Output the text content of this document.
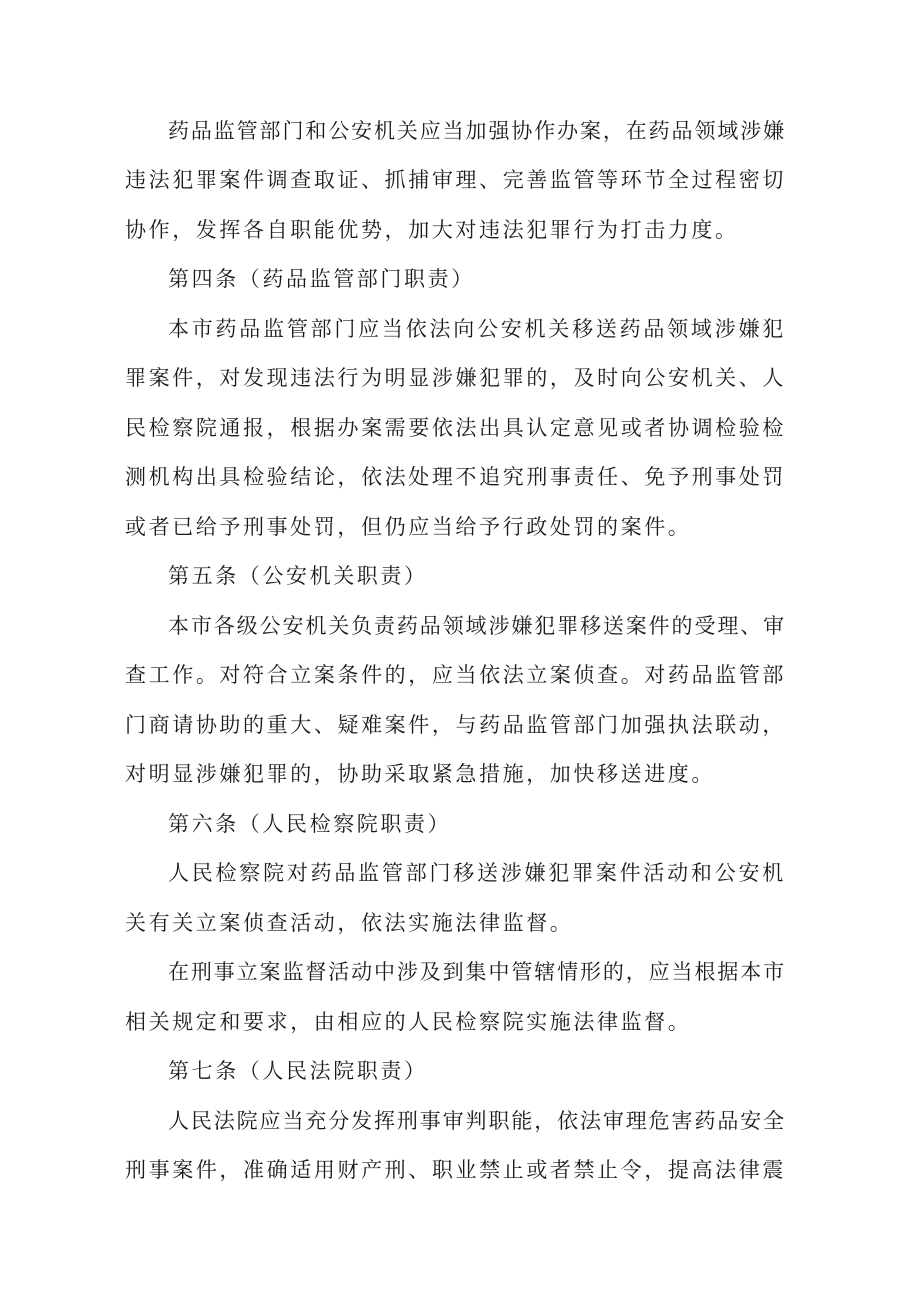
药品监管部门和公安机关应当加强协作办案，在药品领域涉嫌
违法犯罪案件调查取证、抓捕审理、完善监管等环节全过程密切
协作，发挥各自职能优势，加大对违法犯罪行为打击力度。
第四条（药品监管部门职责）
本市药品监管部门应当依法向公安机关移送药品领域涉嫌犯
罪案件，对发现违法行为明显涉嫌犯罪的，及时向公安机关、人
民检察院通报，根据办案需要依法出具认定意见或者协调检验检
测机构出具检验结论，依法处理不追究刑事责任、免予刑事处罚
或者已给予刑事处罚，但仍应当给予行政处罚的案件。
第五条（公安机关职责）
本市各级公安机关负责药品领域涉嫌犯罪移送案件的受理、审
查工作。对符合立案条件的，应当依法立案侦查。对药品监管部
门商请协助的重大、疑难案件，与药品监管部门加强执法联动，
对明显涉嫌犯罪的，协助采取紧急措施，加快移送进度。
第六条（人民检察院职责）
人民检察院对药品监管部门移送涉嫌犯罪案件活动和公安机
关有关立案侦查活动，依法实施法律监督。
在刑事立案监督活动中涉及到集中管辖情形的，应当根据本市
相关规定和要求，由相应的人民检察院实施法律监督。
第七条（人民法院职责）
人民法院应当充分发挥刑事审判职能，依法审理危害药品安全
刑事案件，准确适用财产刑、职业禁止或者禁止令，提高法律震
